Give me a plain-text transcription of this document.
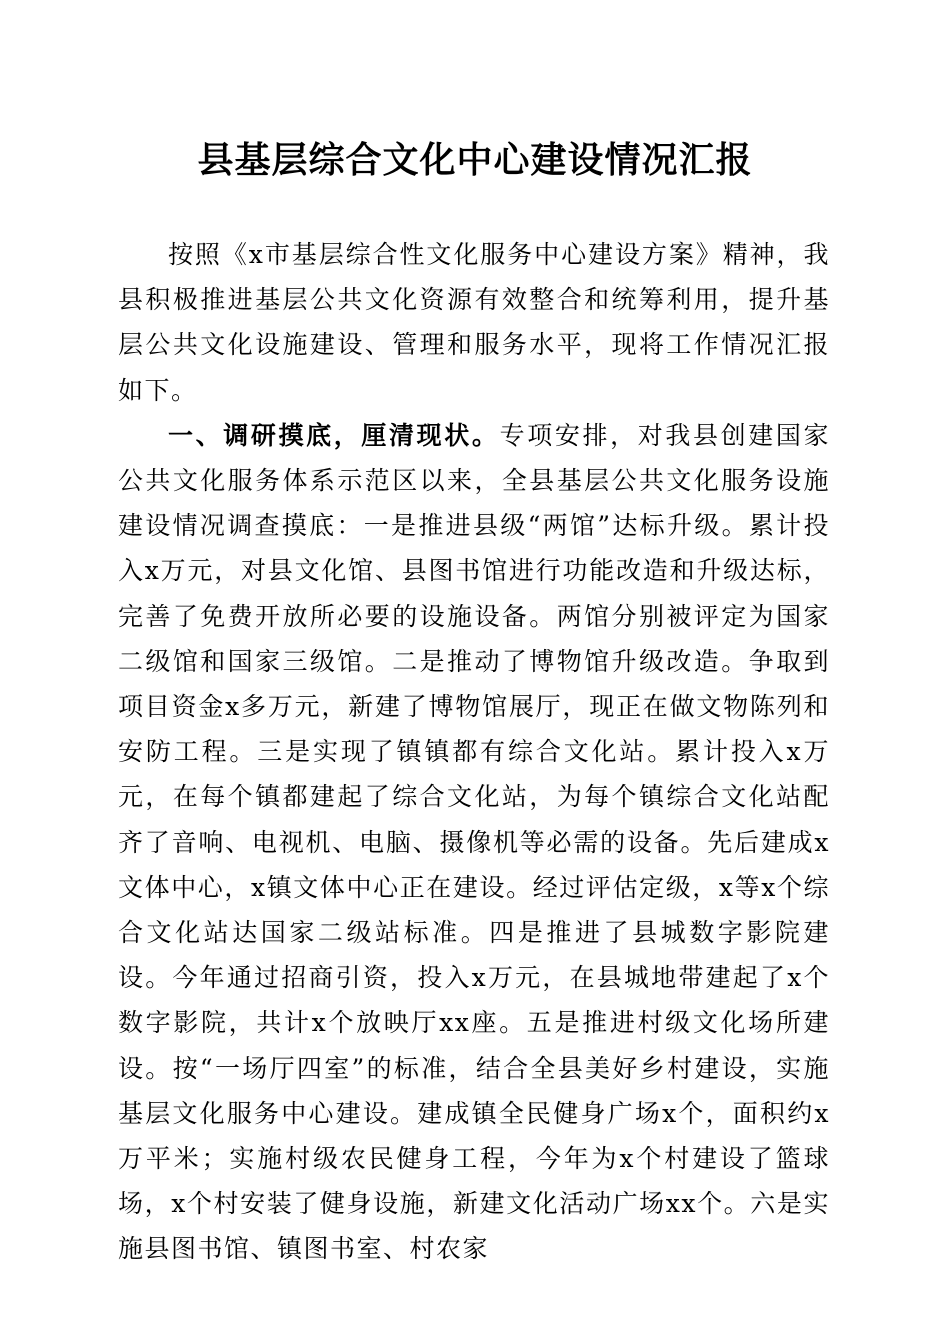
县基层综合文化中心建设情况汇报

按照《x市基层综合性文化服务中心建设方案》精神，我县积极推进基层公共文化资源有效整合和统筹利用，提升基层公共文化设施建设、管理和服务水平，现将工作情况汇报如下。

一、调研摸底，厘清现状。专项安排，对我县创建国家公共文化服务体系示范区以来，全县基层公共文化服务设施建设情况调查摸底：一是推进县级“两馆”达标升级。累计投入x万元，对县文化馆、县图书馆进行功能改造和升级达标，完善了免费开放所必要的设施设备。两馆分别被评定为国家二级馆和国家三级馆。二是推动了博物馆升级改造。争取到项目资金x多万元，新建了博物馆展厅，现正在做文物陈列和安防工程。三是实现了镇镇都有综合文化站。累计投入x万元，在每个镇都建起了综合文化站，为每个镇综合文化站配齐了音响、电视机、电脑、摄像机等必需的设备。先后建成x文体中心，x镇文体中心正在建设。经过评估定级，x等x个综合文化站达国家二级站标准。四是推进了县城数字影院建设。今年通过招商引资，投入x万元，在县城地带建起了x个数字影院，共计x个放映厅xx座。五是推进村级文化场所建设。按“一场厅四室”的标准，结合全县美好乡村建设，实施基层文化服务中心建设。建成镇全民健身广场x个，面积约x万平米；实施村级农民健身工程，今年为x个村建设了篮球场，x个村安装了健身设施，新建文化活动广场xx个。六是实施县图书馆、镇图书室、村农家
